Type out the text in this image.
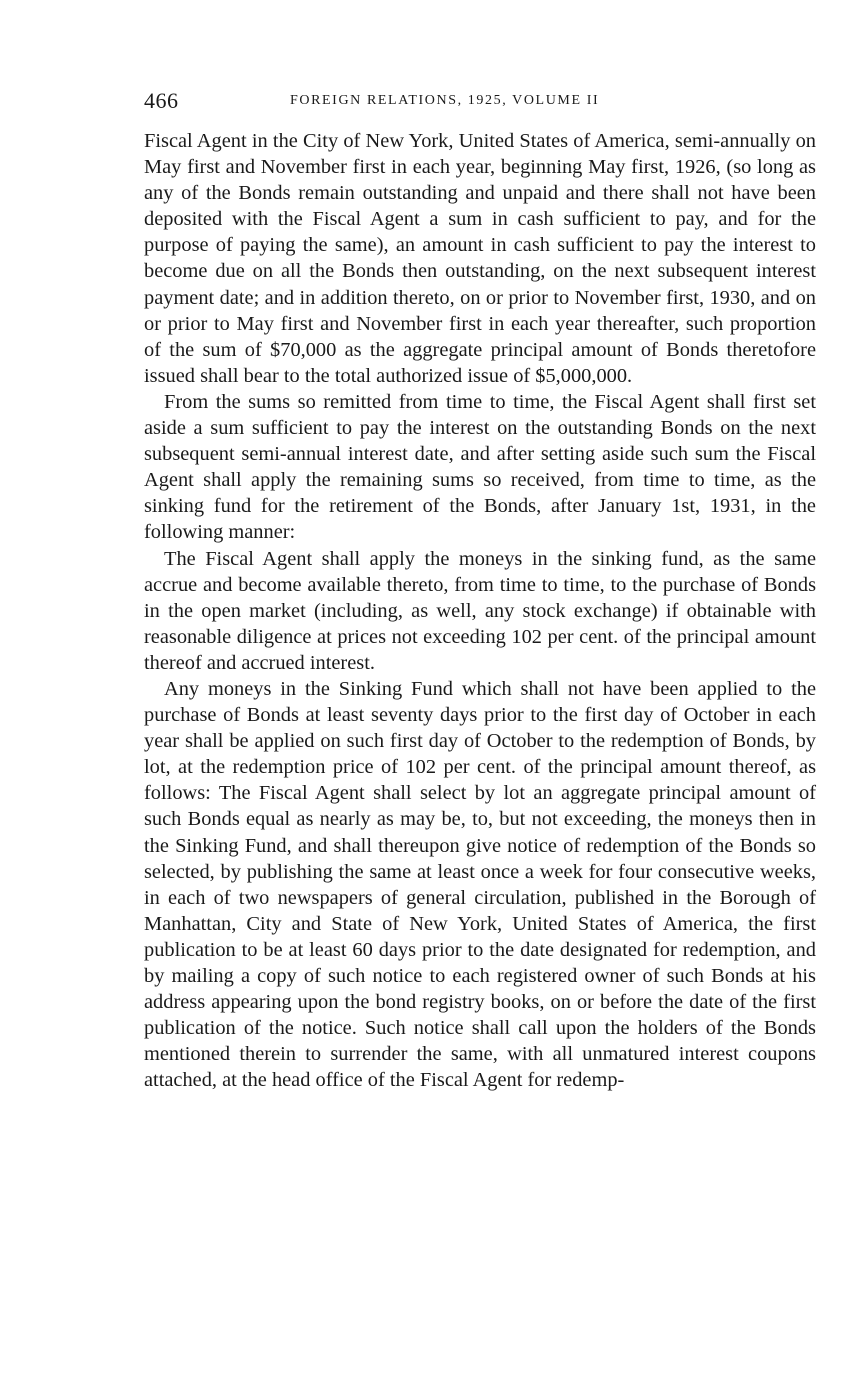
466	FOREIGN RELATIONS, 1925, VOLUME II

Fiscal Agent in the City of New York, United States of America, semi-annually on May first and November first in each year, beginning May first, 1926, (so long as any of the Bonds remain outstanding and unpaid and there shall not have been deposited with the Fiscal Agent a sum in cash sufficient to pay, and for the purpose of paying the same), an amount in cash sufficient to pay the interest to become due on all the Bonds then outstanding, on the next subsequent interest payment date; and in addition thereto, on or prior to November first, 1930, and on or prior to May first and November first in each year thereafter, such proportion of the sum of $70,000 as the aggregate principal amount of Bonds theretofore issued shall bear to the total authorized issue of $5,000,000.

From the sums so remitted from time to time, the Fiscal Agent shall first set aside a sum sufficient to pay the interest on the outstanding Bonds on the next subsequent semi-annual interest date, and after setting aside such sum the Fiscal Agent shall apply the remaining sums so received, from time to time, as the sinking fund for the retirement of the Bonds, after January 1st, 1931, in the following manner:

The Fiscal Agent shall apply the moneys in the sinking fund, as the same accrue and become available thereto, from time to time, to the purchase of Bonds in the open market (including, as well, any stock exchange) if obtainable with reasonable diligence at prices not exceeding 102 per cent. of the principal amount thereof and accrued interest.

Any moneys in the Sinking Fund which shall not have been applied to the purchase of Bonds at least seventy days prior to the first day of October in each year shall be applied on such first day of October to the redemption of Bonds, by lot, at the redemption price of 102 per cent. of the principal amount thereof, as follows: The Fiscal Agent shall select by lot an aggregate principal amount of such Bonds equal as nearly as may be, to, but not exceeding, the moneys then in the Sinking Fund, and shall thereupon give notice of redemption of the Bonds so selected, by publishing the same at least once a week for four consecutive weeks, in each of two newspapers of general circulation, published in the Borough of Manhattan, City and State of New York, United States of America, the first publication to be at least 60 days prior to the date designated for redemption, and by mailing a copy of such notice to each registered owner of such Bonds at his address appearing upon the bond registry books, on or before the date of the first publication of the notice. Such notice shall call upon the holders of the Bonds mentioned therein to surrender the same, with all unmatured interest coupons attached, at the head office of the Fiscal Agent for redemp-
